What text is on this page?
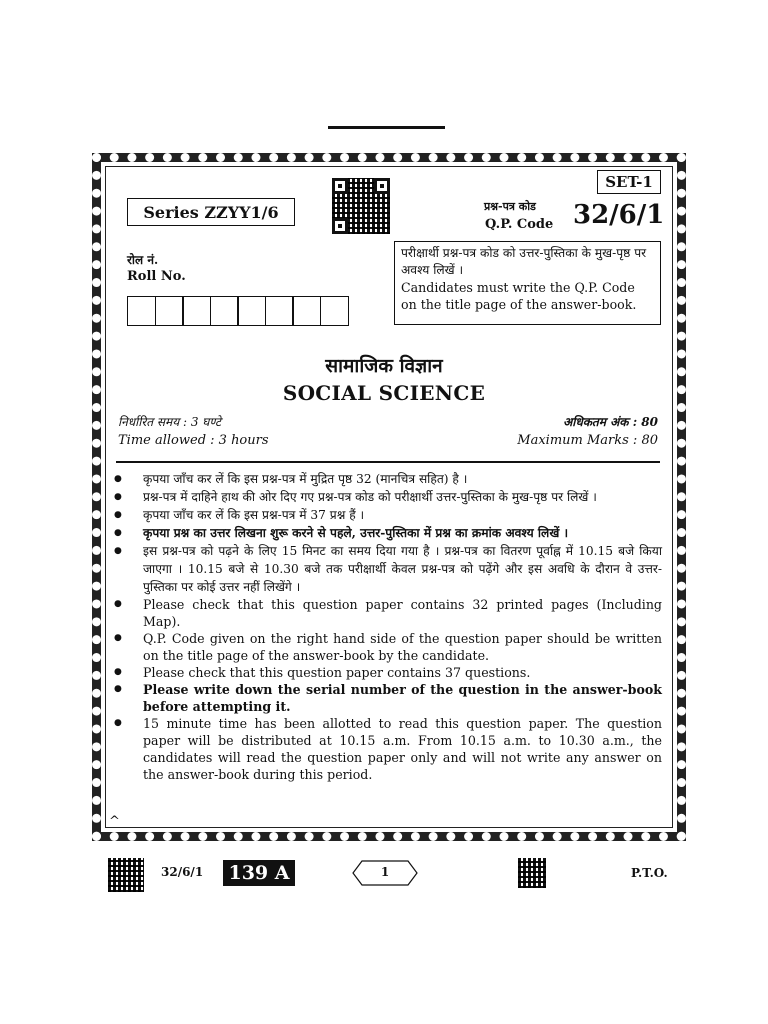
Series ZZYY1/6
SET-1
प्रश्न-पत्र कोड
Q.P. Code 32/6/1
रोल नं.
Roll No.
परीक्षार्थी प्रश्न-पत्र कोड को उत्तर-पुस्तिका के मुख-पृष्ठ पर अवश्य लिखें ।
Candidates must write the Q.P. Code on the title page of the answer-book.
सामाजिक विज्ञान
SOCIAL SCIENCE
निर्धारित समय : 3 घण्टे
Time allowed : 3 hours
अधिकतम अंक : 80
Maximum Marks : 80
● कृपया जाँच कर लें कि इस प्रश्न-पत्र में मुद्रित पृष्ठ 32 (मानचित्र सहित) है ।
● प्रश्न-पत्र में दाहिने हाथ की ओर दिए गए प्रश्न-पत्र कोड को परीक्षार्थी उत्तर-पुस्तिका के मुख-पृष्ठ पर लिखें ।
● कृपया जाँच कर लें कि इस प्रश्न-पत्र में 37 प्रश्न हैं ।
● कृपया प्रश्न का उत्तर लिखना शुरू करने से पहले, उत्तर-पुस्तिका में प्रश्न का क्रमांक अवश्य लिखें ।
● इस प्रश्न-पत्र को पढ़ने के लिए 15 मिनट का समय दिया गया है । प्रश्न-पत्र का वितरण पूर्वाह्न में 10.15 बजे किया जाएगा । 10.15 बजे से 10.30 बजे तक परीक्षार्थी केवल प्रश्न-पत्र को पढ़ेंगे और इस अवधि के दौरान वे उत्तर-पुस्तिका पर कोई उत्तर नहीं लिखेंगे ।
● Please check that this question paper contains 32 printed pages (Including Map).
● Q.P. Code given on the right hand side of the question paper should be written on the title page of the answer-book by the candidate.
● Please check that this question paper contains 37 questions.
● Please write down the serial number of the question in the answer-book before attempting it.
● 15 minute time has been allotted to read this question paper. The question paper will be distributed at 10.15 a.m. From 10.15 a.m. to 10.30 a.m., the candidates will read the question paper only and will not write any answer on the answer-book during this period.
^
32/6/1 139 A	1	P.T.O.
